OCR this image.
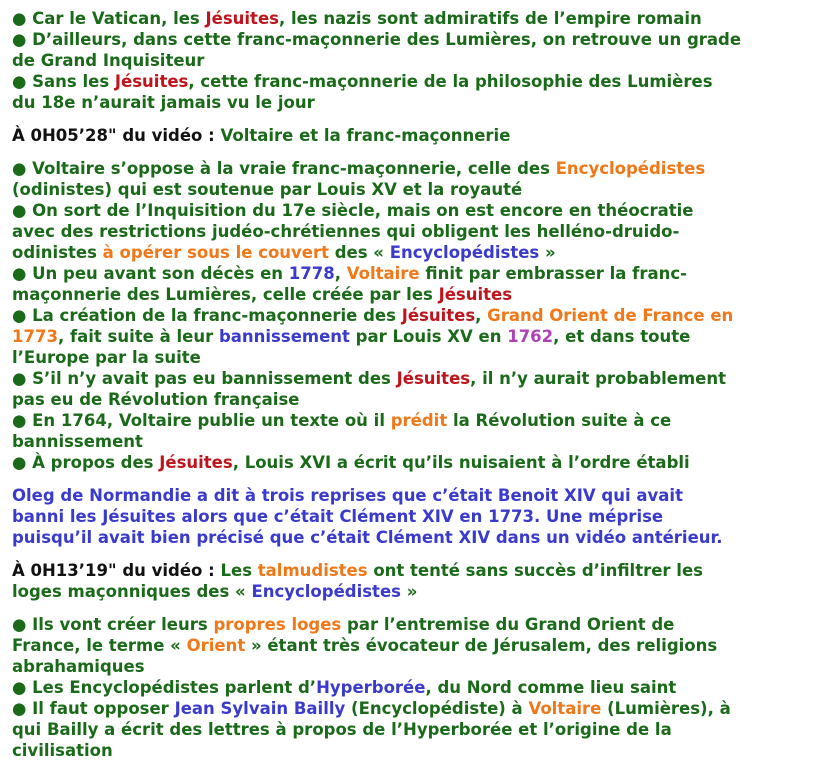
● Car le Vatican, les Jésuites, les nazis sont admiratifs de l’empire romain
● D’ailleurs, dans cette franc-maçonnerie des Lumières, on retrouve un grade
de Grand Inquisiteur
● Sans les Jésuites, cette franc-maçonnerie de la philosophie des Lumières
du 18e n’aurait jamais vu le jour
À 0H05’28" du vidéo : Voltaire et la franc-maçonnerie
● Voltaire s’oppose à la vraie franc-maçonnerie, celle des Encyclopédistes
(odinistes) qui est soutenue par Louis XV et la royauté
● On sort de l’Inquisition du 17e siècle, mais on est encore en théocratie
avec des restrictions judéo-chrétiennes qui obligent les helléno-druido-
odinistes à opérer sous le couvert des « Encyclopédistes »
● Un peu avant son décès en 1778, Voltaire finit par embrasser la franc-
maçonnerie des Lumières, celle créée par les Jésuites
● La création de la franc-maçonnerie des Jésuites, Grand Orient de France en
1773, fait suite à leur bannissement par Louis XV en 1762, et dans toute
l’Europe par la suite
● S’il n’y avait pas eu bannissement des Jésuites, il n’y aurait probablement
pas eu de Révolution française
● En 1764, Voltaire publie un texte où il prédit la Révolution suite à ce
bannissement
● À propos des Jésuites, Louis XVI a écrit qu’ils nuisaient à l’ordre établi
Oleg de Normandie a dit à trois reprises que c’était Benoit XIV qui avait
banni les Jésuites alors que c’était Clément XIV en 1773. Une méprise
puisqu’il avait bien précisé que c’était Clément XIV dans un vidéo antérieur.
À 0H13’19" du vidéo : Les talmudistes ont tenté sans succès d’infiltrer les
loges maçonniques des « Encyclopédistes »
● Ils vont créer leurs propres loges par l’entremise du Grand Orient de
France, le terme « Orient » étant très évocateur de Jérusalem, des religions
abrahamiques
● Les Encyclopédistes parlent d’Hyperborée, du Nord comme lieu saint
● Il faut opposer Jean Sylvain Bailly (Encyclopédiste) à Voltaire (Lumières), à
qui Bailly a écrit des lettres à propos de l’Hyperborée et l’origine de la
civilisation
